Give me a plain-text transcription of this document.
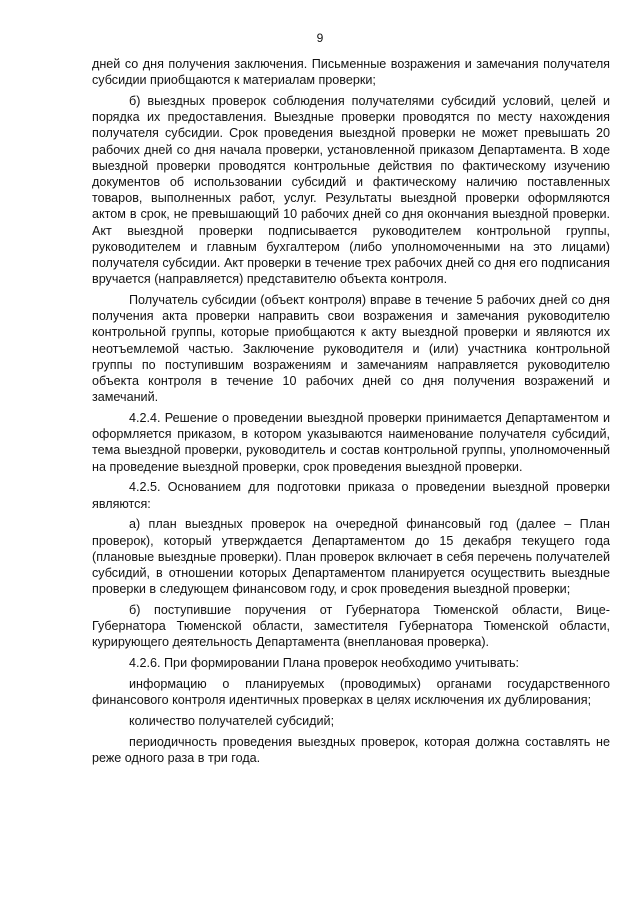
9

дней со дня получения заключения. Письменные возражения и замечания получателя субсидии приобщаются к материалам проверки;

б) выездных проверок соблюдения получателями субсидий условий, целей и порядка их предоставления. Выездные проверки проводятся по месту нахождения получателя субсидии. Срок проведения выездной проверки не может превышать 20 рабочих дней со дня начала проверки, установленной приказом Департамента. В ходе выездной проверки проводятся контрольные действия по фактическому изучению документов об использовании субсидий и фактическому наличию поставленных товаров, выполненных работ, услуг. Результаты выездной проверки оформляются актом в срок, не превышающий 10 рабочих дней со дня окончания выездной проверки. Акт выездной проверки подписывается руководителем контрольной группы, руководителем и главным бухгалтером (либо уполномоченными на это лицами) получателя субсидии. Акт проверки в течение трех рабочих дней со дня его подписания вручается (направляется) представителю объекта контроля.

Получатель субсидии (объект контроля) вправе в течение 5 рабочих дней со дня получения акта проверки направить свои возражения и замечания руководителю контрольной группы, которые приобщаются к акту выездной проверки и являются их неотъемлемой частью. Заключение руководителя и (или) участника контрольной группы по поступившим возражениям и замечаниям направляется руководителю объекта контроля в течение 10 рабочих дней со дня получения возражений и замечаний.

4.2.4. Решение о проведении выездной проверки принимается Департаментом и оформляется приказом, в котором указываются наименование получателя субсидий, тема выездной проверки, руководитель и состав контрольной группы, уполномоченный на проведение выездной проверки, срок проведения выездной проверки.

4.2.5. Основанием для подготовки приказа о проведении выездной проверки являются:

а) план выездных проверок на очередной финансовый год (далее – План проверок), который утверждается Департаментом до 15 декабря текущего года (плановые выездные проверки). План проверок включает в себя перечень получателей субсидий, в отношении которых Департаментом планируется осуществить выездные проверки в следующем финансовом году, и срок проведения выездной проверки;

б) поступившие поручения от Губернатора Тюменской области, Вице-Губернатора Тюменской области, заместителя Губернатора Тюменской области, курирующего деятельность Департамента (внеплановая проверка).

4.2.6. При формировании Плана проверок необходимо учитывать:

информацию о планируемых (проводимых) органами государственного финансового контроля идентичных проверках в целях исключения их дублирования;

количество получателей субсидий;

периодичность проведения выездных проверок, которая должна составлять не реже одного раза в три года.
